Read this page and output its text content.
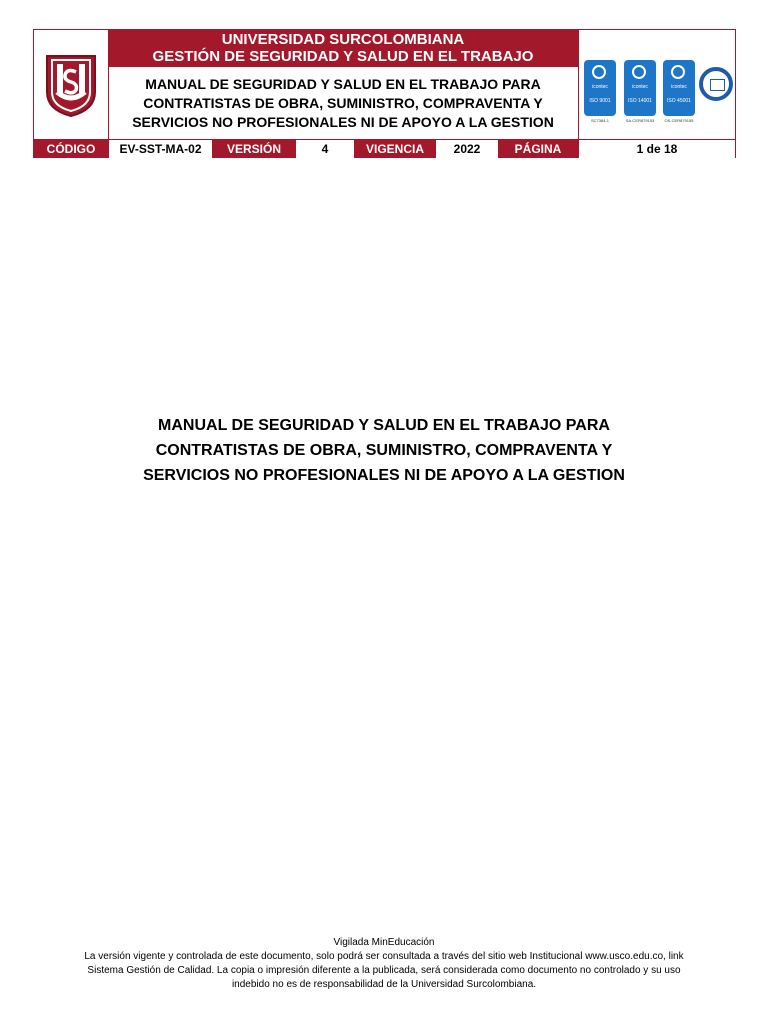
UNIVERSIDAD SURCOLOMBIANA
GESTIÓN DE SEGURIDAD Y SALUD EN EL TRABAJO
MANUAL DE SEGURIDAD Y SALUD EN EL TRABAJO PARA
CONTRATISTAS DE OBRA, SUMINISTRO, COMPRAVENTA Y
SERVICIOS NO PROFESIONALES NI DE APOYO A LA GESTION
icontec
ISO 9001
SC7384-1
icontec
ISO 14001
SA-CER879153
icontec
ISO 45001
OS-CER879155
CÓDIGO	EV-SST-MA-02	VERSIÓN	4	VIGENCIA	2022	PÁGINA	1 de 18
MANUAL DE SEGURIDAD Y SALUD EN EL TRABAJO PARA
CONTRATISTAS DE OBRA, SUMINISTRO, COMPRAVENTA Y
SERVICIOS NO PROFESIONALES NI DE APOYO A LA GESTION
Vigilada MinEducación
La versión vigente y controlada de este documento, solo podrá ser consultada a través del sitio web Institucional www.usco.edu.co, link
Sistema Gestión de Calidad. La copia o impresión diferente a la publicada, será considerada como documento no controlado y su uso
indebido no es de responsabilidad de la Universidad Surcolombiana.
